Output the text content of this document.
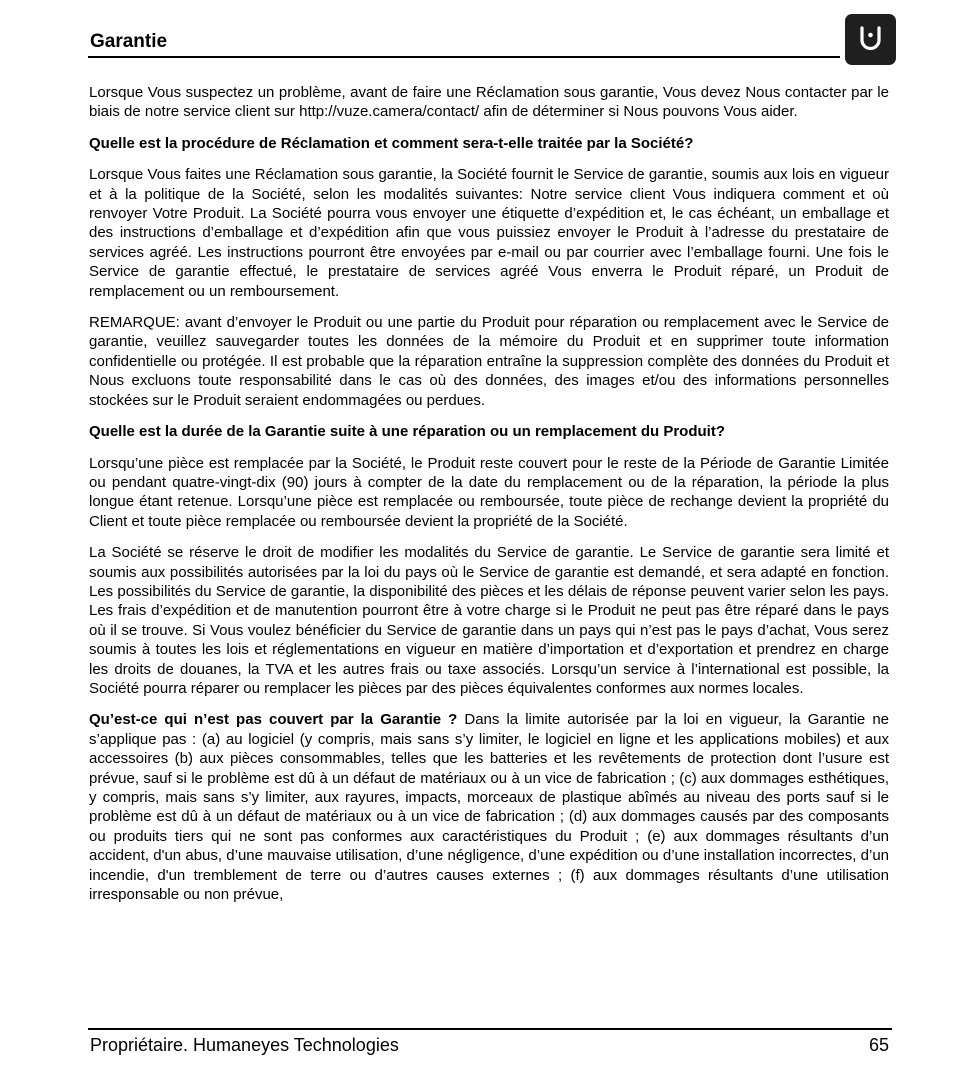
Garantie

Lorsque Vous suspectez un problème, avant de faire une Réclamation sous garantie, Vous devez Nous contacter par le biais de notre service client sur http://vuze.camera/contact/ afin de déterminer si Nous pouvons Vous aider.

Quelle est la procédure de Réclamation et comment sera-t-elle traitée par la Société?

Lorsque Vous faites une Réclamation sous garantie, la Société fournit le Service de garantie, soumis aux lois en vigueur et à la politique de la Société, selon les modalités suivantes: Notre service client Vous indiquera comment et où renvoyer Votre Produit. La Société pourra vous envoyer une étiquette d’expédition et, le cas échéant, un emballage et des instructions d’emballage et d’expédition afin que vous puissiez envoyer le Produit à l’adresse du prestataire de services agréé. Les instructions pourront être envoyées par e-mail ou par courrier avec l’emballage fourni. Une fois le Service de garantie effectué, le prestataire de services agréé Vous enverra le Produit réparé, un Produit de remplacement ou un remboursement.

REMARQUE: avant d’envoyer le Produit ou une partie du Produit pour réparation ou remplacement avec le Service de garantie, veuillez sauvegarder toutes les données de la mémoire du Produit et en supprimer toute information confidentielle ou protégée. Il est probable que la réparation entraîne la suppression complète des données du Produit et Nous excluons toute responsabilité dans le cas où des données, des images et/ou des informations personnelles stockées sur le Produit seraient endommagées ou perdues.

Quelle est la durée de la Garantie suite à une réparation ou un remplacement du Produit?

Lorsqu’une pièce est remplacée par la Société, le Produit reste couvert pour le reste de la Période de Garantie Limitée ou pendant quatre-vingt-dix (90) jours à compter de la date du remplacement ou de la réparation, la période la plus longue étant retenue. Lorsqu’une pièce est remplacée ou remboursée, toute pièce de rechange devient la propriété du Client et toute pièce remplacée ou remboursée devient la propriété de la Société.

La Société se réserve le droit de modifier les modalités du Service de garantie. Le Service de garantie sera limité et soumis aux possibilités autorisées par la loi du pays où le Service de garantie est demandé, et sera adapté en fonction. Les possibilités du Service de garantie, la disponibilité des pièces et les délais de réponse peuvent varier selon les pays. Les frais d’expédition et de manutention pourront être à votre charge si le Produit ne peut pas être réparé dans le pays où il se trouve. Si Vous voulez bénéficier du Service de garantie dans un pays qui n’est pas le pays d’achat, Vous serez soumis à toutes les lois et réglementations en vigueur en matière d’importation et d’exportation et prendrez en charge les droits de douanes, la TVA et les autres frais ou taxe associés. Lorsqu’un service à l’international est possible, la Société pourra réparer ou remplacer les pièces par des pièces équivalentes conformes aux normes locales.

Qu’est-ce qui n’est pas couvert par la Garantie ? Dans la limite autorisée par la loi en vigueur, la Garantie ne s’applique pas : (a) au logiciel (y compris, mais sans s’y limiter, le logiciel en ligne et les applications mobiles) et aux accessoires (b) aux pièces consommables, telles que les batteries et les revêtements de protection dont l’usure est prévue, sauf si le problème est dû à un défaut de matériaux ou à un vice de fabrication ; (c) aux dommages esthétiques, y compris, mais sans s’y limiter, aux rayures, impacts, morceaux de plastique abîmés au niveau des ports sauf si le problème est dû à un défaut de matériaux ou à un vice de fabrication ; (d) aux dommages causés par des composants ou produits tiers qui ne sont pas conformes aux caractéristiques du Produit ; (e) aux dommages résultants d’un accident, d'un abus, d’une mauvaise utilisation, d’une négligence, d’une expédition ou d’une installation incorrectes, d’un incendie, d'un tremblement de terre ou d’autres causes externes ; (f) aux dommages résultants d’une utilisation irresponsable ou non prévue,

Propriétaire. Humaneyes Technologies	65
